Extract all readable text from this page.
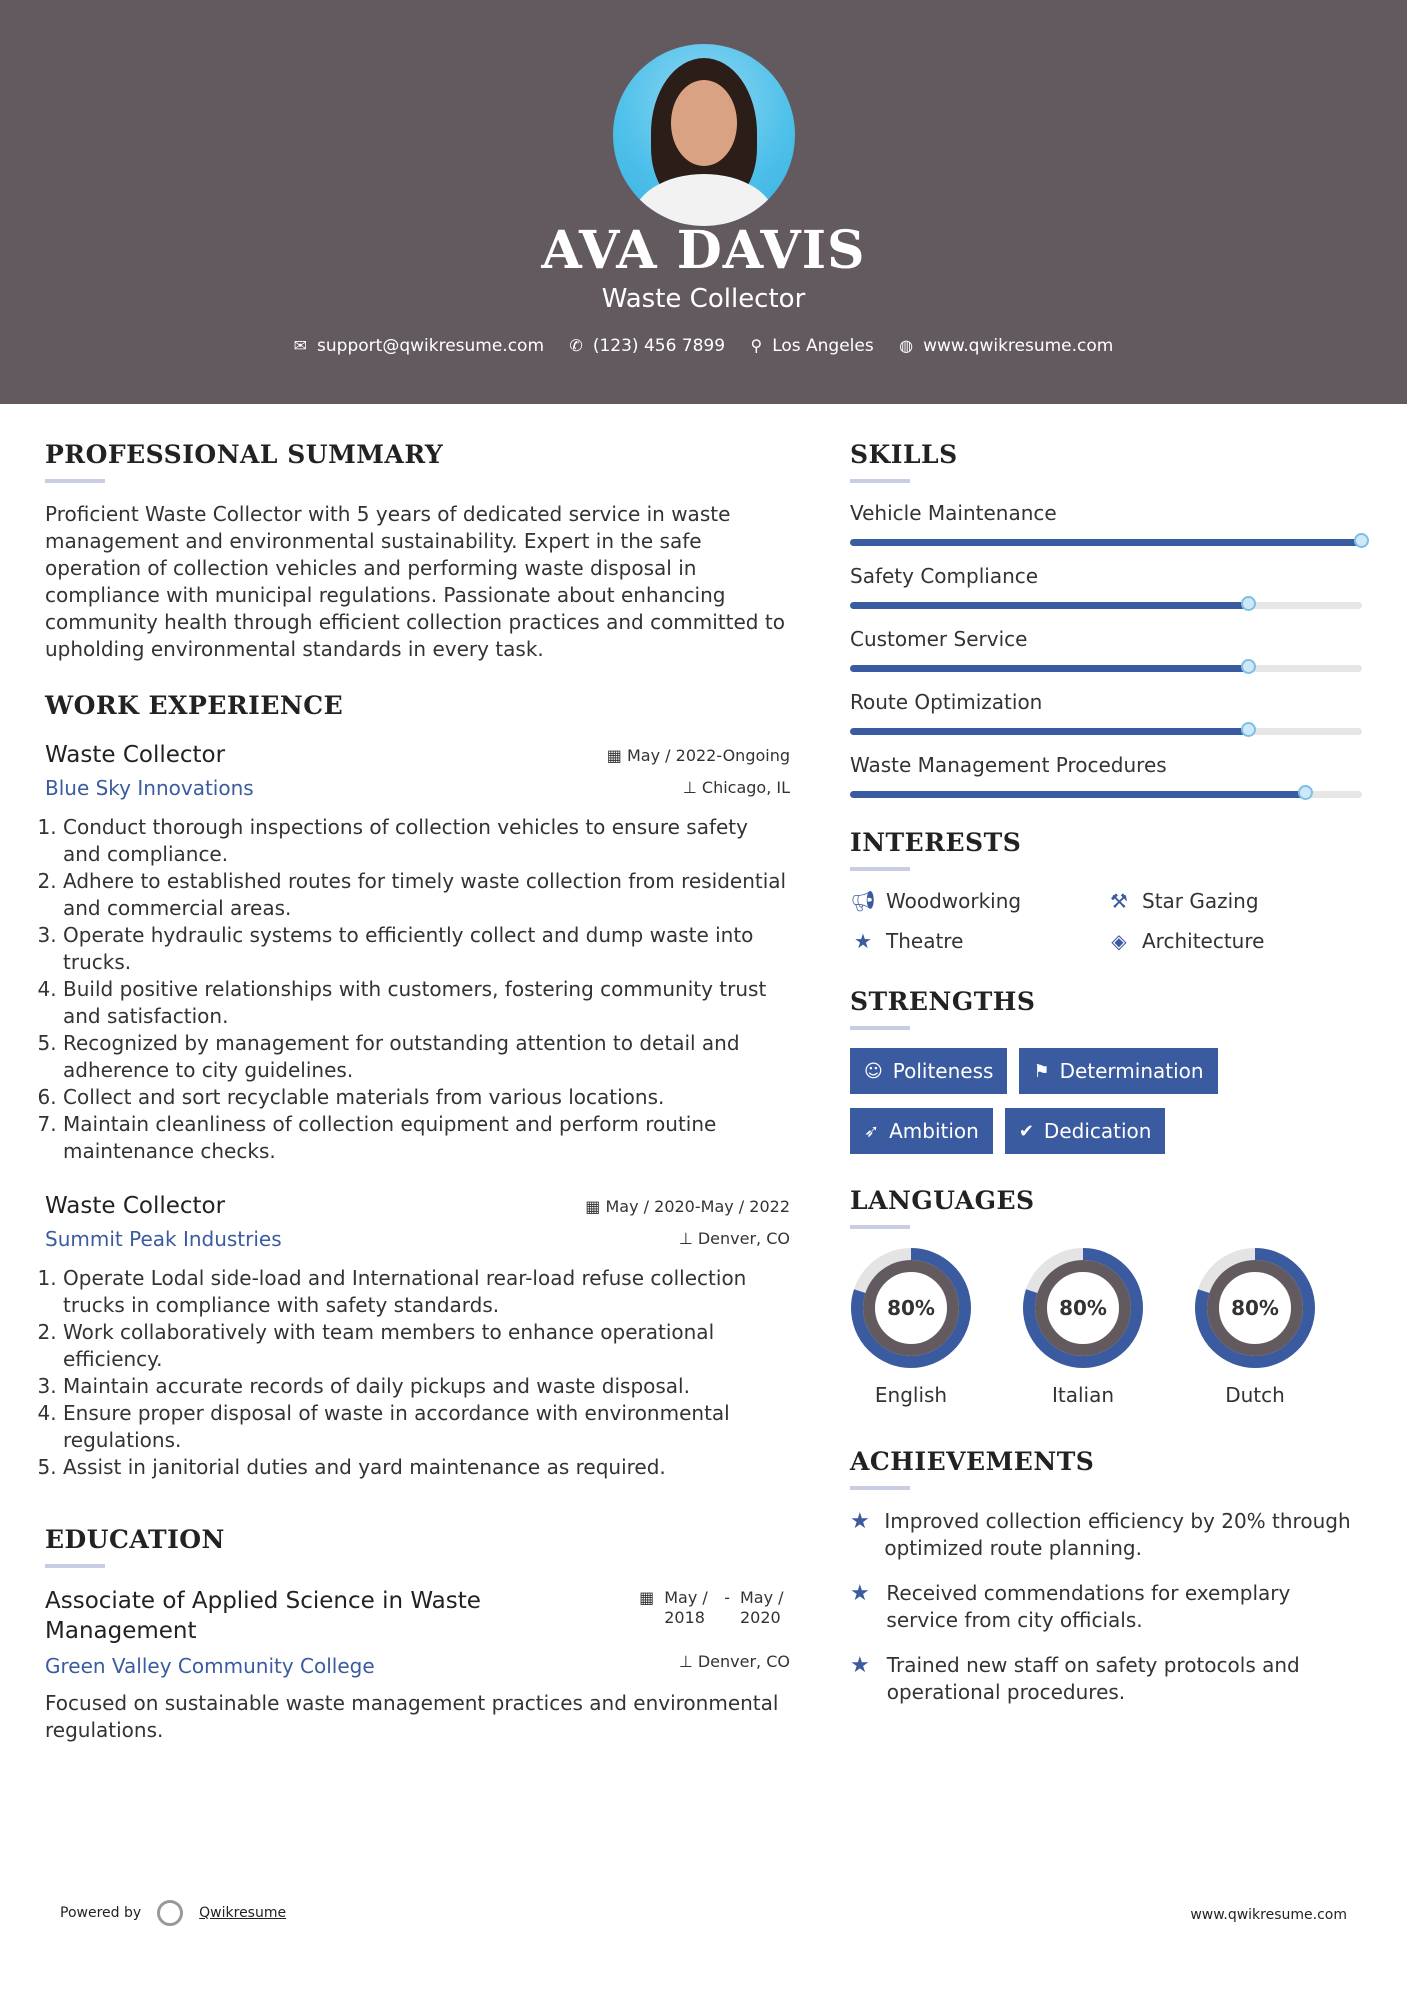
AVA DAVIS
Waste Collector
✉ support@qwikresume.com ✆ (123) 456 7899 ⚲ Los Angeles ◍ www.qwikresume.com
PROFESSIONAL SUMMARY
Proficient Waste Collector with 5 years of dedicated service in waste management and environmental sustainability. Expert in the safe operation of collection vehicles and performing waste disposal in compliance with municipal regulations. Passionate about enhancing community health through efficient collection practices and committed to upholding environmental standards in every task.
WORK EXPERIENCE
Waste Collector	▦ May / 2022-Ongoing
Blue Sky Innovations	⊥ Chicago, IL
1. Conduct thorough inspections of collection vehicles to ensure safety and compliance.
2. Adhere to established routes for timely waste collection from residential and commercial areas.
3. Operate hydraulic systems to efficiently collect and dump waste into trucks.
4. Build positive relationships with customers, fostering community trust and satisfaction.
5. Recognized by management for outstanding attention to detail and adherence to city guidelines.
6. Collect and sort recyclable materials from various locations.
7. Maintain cleanliness of collection equipment and perform routine maintenance checks.
Waste Collector	▦ May / 2020-May / 2022
Summit Peak Industries	⊥ Denver, CO
1. Operate Lodal side-load and International rear-load refuse collection trucks in compliance with safety standards.
2. Work collaboratively with team members to enhance operational efficiency.
3. Maintain accurate records of daily pickups and waste disposal.
4. Ensure proper disposal of waste in accordance with environmental regulations.
5. Assist in janitorial duties and yard maintenance as required.
EDUCATION
Associate of Applied Science in Waste Management
▦ May / 2018
- May / 2020
Green Valley Community College	⊥ Denver, CO
Focused on sustainable waste management practices and environmental regulations.
SKILLS
Vehicle Maintenance
Safety Compliance
Customer Service
Route Optimization
Waste Management Procedures
INTERESTS
📢︎ Woodworking	⚒ Star Gazing
★ Theatre	◈ Architecture
STRENGTHS
☺ Politeness ⚑ Determination
➶ Ambition ✔ Dedication
LANGUAGES
80%
English
80%
Italian
80%
Dutch
ACHIEVEMENTS
★ Improved collection efficiency by 20% through optimized route planning.
★ Received commendations for exemplary service from city officials.
★ Trained new staff on safety protocols and operational procedures.
Powered by	Qwikresume	www.qwikresume.com
